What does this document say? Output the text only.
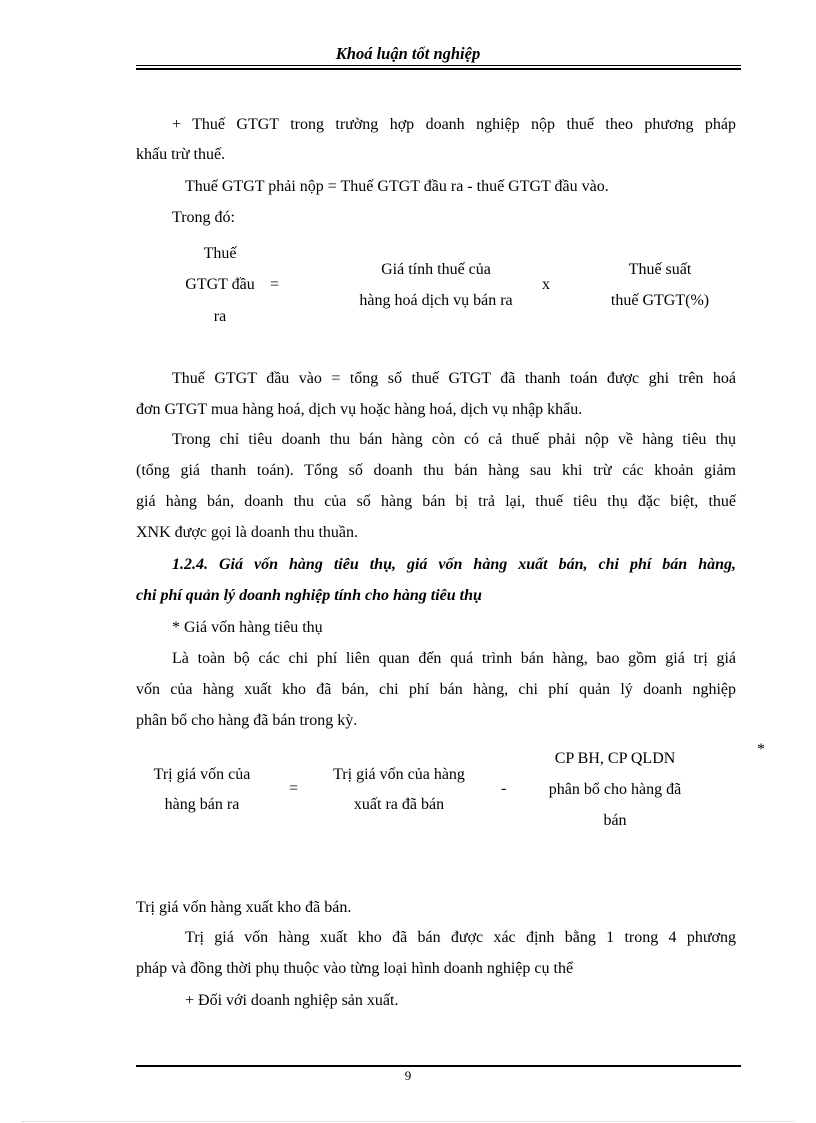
Khoá luận tốt nghiệp
+ Thuế GTGT trong trường hợp doanh nghiệp nộp thuế theo phương pháp
khấu trừ thuế.
Thuế GTGT phải nộp = Thuế GTGT đầu ra - thuế GTGT đầu vào.
Trong đó:
Thuế
GTGT đầu
ra
=
Giá tính thuế của
hàng hoá dịch vụ bán ra
x
Thuế suất
thuế GTGT(%)
Thuế GTGT đầu vào = tổng số thuế GTGT đã thanh toán được ghi trên hoá
đơn GTGT mua hàng hoá, dịch vụ hoặc hàng hoá, dịch vụ nhập khẩu.
Trong chỉ tiêu doanh thu bán hàng còn có cả thuế phải nộp về hàng tiêu thụ
(tổng giá thanh toán). Tổng số doanh thu bán hàng sau khi trừ các khoản giảm
giá hàng bán, doanh thu của số hàng bán bị trả lại, thuế tiêu thụ đặc biệt, thuế
XNK được gọi là doanh thu thuần.
1.2.4. Giá vốn hàng tiêu thụ, giá vốn hàng xuất bán, chi phí bán hàng,
chi phí quản lý doanh nghiệp tính cho hàng tiêu thụ
* Giá vốn hàng tiêu thụ
Là toàn bộ các chi phí liên quan đến quá trình bán hàng, bao gồm giá trị giá
vốn của hàng xuất kho đã bán, chi phí bán hàng, chi phí quản lý doanh nghiệp
phân bổ cho hàng đã bán trong kỳ.
*
Trị giá vốn của
hàng bán ra
=
Trị giá vốn của hàng
xuất ra đã bán
-
CP BH, CP QLDN
phân bổ cho hàng đã
bán
Trị giá vốn hàng xuất kho đã bán.
Trị giá vốn hàng xuất kho đã bán được xác định bằng 1 trong 4 phương
pháp và đồng thời phụ thuộc vào từng loại hình doanh nghiệp cụ thể
+ Đối với doanh nghiệp sản xuất.
9
